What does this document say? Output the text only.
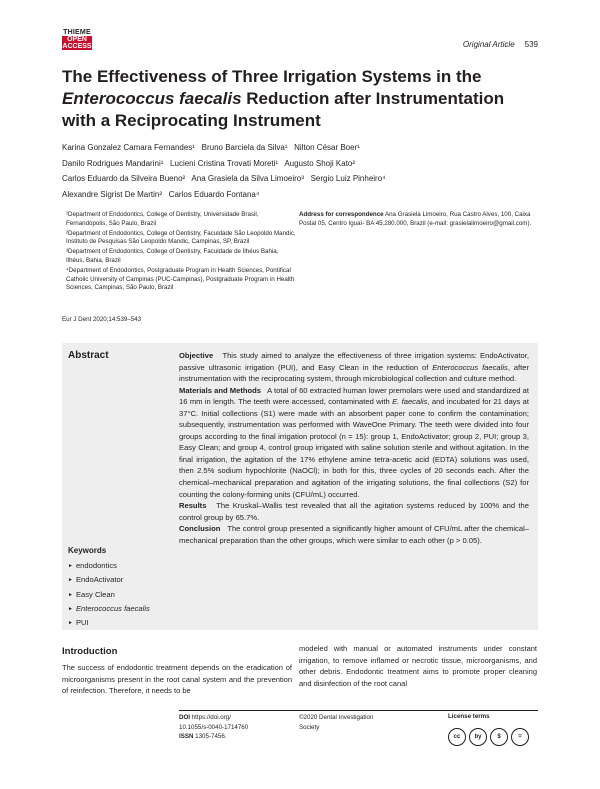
THIEME
OPEN
ACCESS	Original Article 539
The Effectiveness of Three Irrigation Systems in the
Enterococcus faecalis Reduction after Instrumentation
with a Reciprocating Instrument
Karina Gonzalez Camara Fernandes¹   Bruno Barciela da Silva¹   Nilton César Boer¹
Danilo Rodrigues Mandarini¹   Lucieni Cristina Trovati Moreti¹   Augusto Shoji Kato²
Carlos Eduardo da Silveira Bueno²   Ana Grasiela da Silva Limoeiro³   Sergio Luiz Pinheiro⁴
Alexandre Sigrist De Martin²   Carlos Eduardo Fontana⁴

¹Department of Endodontics, College of Dentistry, Universidade Brasil, Fernandópolis, São Paulo, Brazil

²Department of Endodontics, College of Dentistry, Faculdade São Leopoldo Mandic, Instituto de Pesquisas São Leopoldo Mandic, Campinas, SP, Brazil

³Department of Endodontics, College of Dentistry, Faculdade de Ilhéus Bahia, Ilhéus, Bahia, Brazil

⁴Department of Endodontics, Postgraduate Program in Health Sciences, Pontifical Catholic University of Campinas (PUC-Campinas), Postgraduate Program in Health Sciences, Campinas, São Paulo, Brazil

Address for correspondence Ana Grasiela Limoeiro, Rua Castro Alves, 100, Caixa Postal 05, Centro Iguaí- BA 45.280.000, Brazil (e-mail: grasielalimoeiro@gmail.com).
Eur J Dent 2020;14:539–543
Abstract	Objective   This study aimed to analyze the effectiveness of three irrigation systems: EndoActivator, passive ultrasonic irrigation (PUI), and Easy Clean in the reduction of Enterococcus faecalis, after instrumentation with the reciprocating system, through microbiological collection and culture method.

Materials and Methods   A total of 60 extracted human lower premolars were used and standardized at 16 mm in length. The teeth were accessed, contaminated with E. faecalis, and incubated for 21 days at 37°C. Initial collections (S1) were made with an absorbent paper cone to confirm the contamination; subsequently, instrumentation was performed with WaveOne Primary. The teeth were divided into four groups according to the final irrigation protocol (n = 15): group 1, EndoActivator; group 2, PUI; group 3, Easy Clean; and group 4, control group irrigated with saline solution sterile and without agitation. In the final irrigation, the agitation of the 17% ethylene amine tetra-acetic acid (EDTA) solutions was used, then 2.5% sodium hypochlorite (NaOCl); in both for this, three cycles of 20 seconds each. After the chemical–mechanical preparation and agitation of the irrigating solutions, the final collections (S2) for counting the colony-forming units (CFU/mL) occurred.

Results   The Kruskal–Wallis test revealed that all the agitation systems reduced by 100% and the control group by 65.7%.

Conclusion   The control group presented a significantly higher amount of CFU/mL after the chemical–mechanical preparation than the other groups, which were similar to each other (p > 0.05).

Keywords
► endodontics
► EndoActivator
► Easy Clean
► Enterococcus faecalis
► PUI
Introduction
The success of endodontic treatment depends on the eradication of microorganisms present in the root canal system and the prevention of reinfection. Therefore, it needs to be
modeled with manual or automated instruments under constant irrigation, to remove inflamed or necrotic tissue, microorganisms, and other debris. Endodontic treatment aims to promote proper cleaning and disinfection of the root canal
DOI https://doi.org/
10.1055/s-0040-1714760
ISSN 1305-7456.
©2020 Dental Investigation
Society
License terms
cc by	$	=
